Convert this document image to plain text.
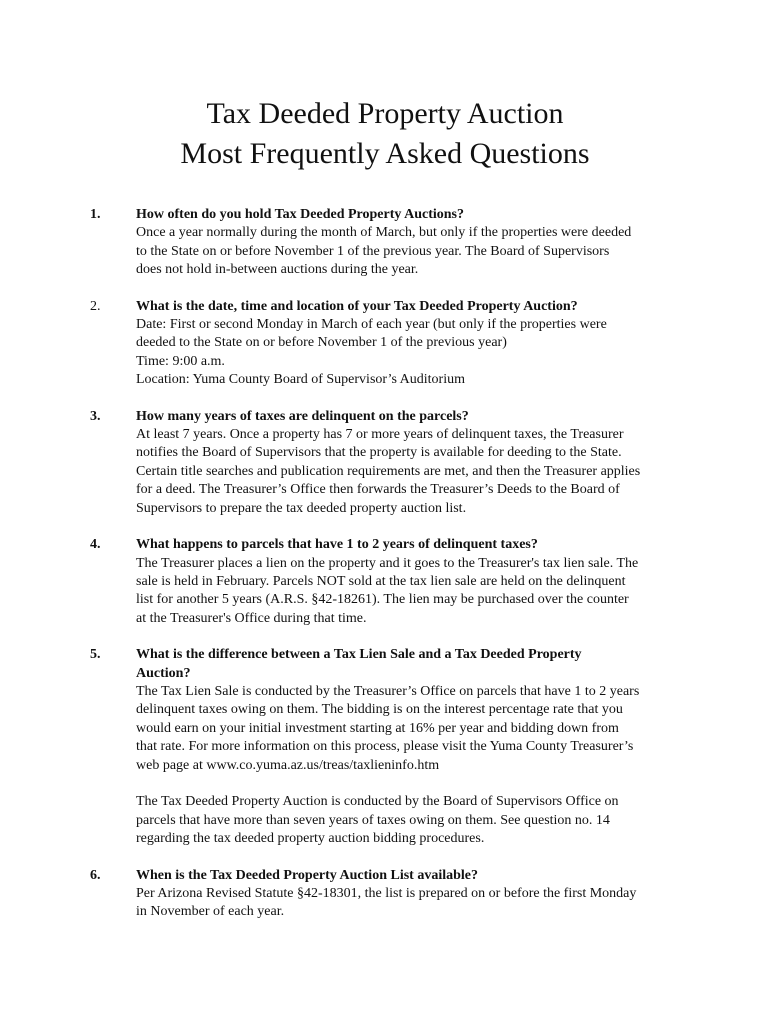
Tax Deeded Property Auction
Most Frequently Asked Questions
1.	How often do you hold Tax Deeded Property Auctions?

Once a year normally during the month of March, but only if the properties were deeded
to the State on or before November 1 of the previous year. The Board of Supervisors
does not hold in-between auctions during the year.
2.	What is the date, time and location of your Tax Deeded Property Auction?

Date: First or second Monday in March of each year (but only if the properties were
deeded to the State on or before November 1 of the previous year)
Time: 9:00 a.m.
Location: Yuma County Board of Supervisor’s Auditorium
3.	How many years of taxes are delinquent on the parcels?

At least 7 years. Once a property has 7 or more years of delinquent taxes, the Treasurer
notifies the Board of Supervisors that the property is available for deeding to the State.
Certain title searches and publication requirements are met, and then the Treasurer applies
for a deed. The Treasurer’s Office then forwards the Treasurer’s Deeds to the Board of
Supervisors to prepare the tax deeded property auction list.
4.	What happens to parcels that have 1 to 2 years of delinquent taxes?

The Treasurer places a lien on the property and it goes to the Treasurer's tax lien sale. The
sale is held in February. Parcels NOT sold at the tax lien sale are held on the delinquent
list for another 5 years (A.R.S. §42-18261). The lien may be purchased over the counter
at the Treasurer's Office during that time.
5.	What is the difference between a Tax Lien Sale and a Tax Deeded Property
Auction?
The Tax Lien Sale is conducted by the Treasurer’s Office on parcels that have 1 to 2 years
delinquent taxes owing on them. The bidding is on the interest percentage rate that you
would earn on your initial investment starting at 16% per year and bidding down from
that rate. For more information on this process, please visit the Yuma County Treasurer’s
web page at www.co.yuma.az.us/treas/taxlieninfo.htm
The Tax Deeded Property Auction is conducted by the Board of Supervisors Office on
parcels that have more than seven years of taxes owing on them. See question no. 14
regarding the tax deeded property auction bidding procedures.
6.	When is the Tax Deeded Property Auction List available?

Per Arizona Revised Statute §42-18301, the list is prepared on or before the first Monday
in November of each year.
